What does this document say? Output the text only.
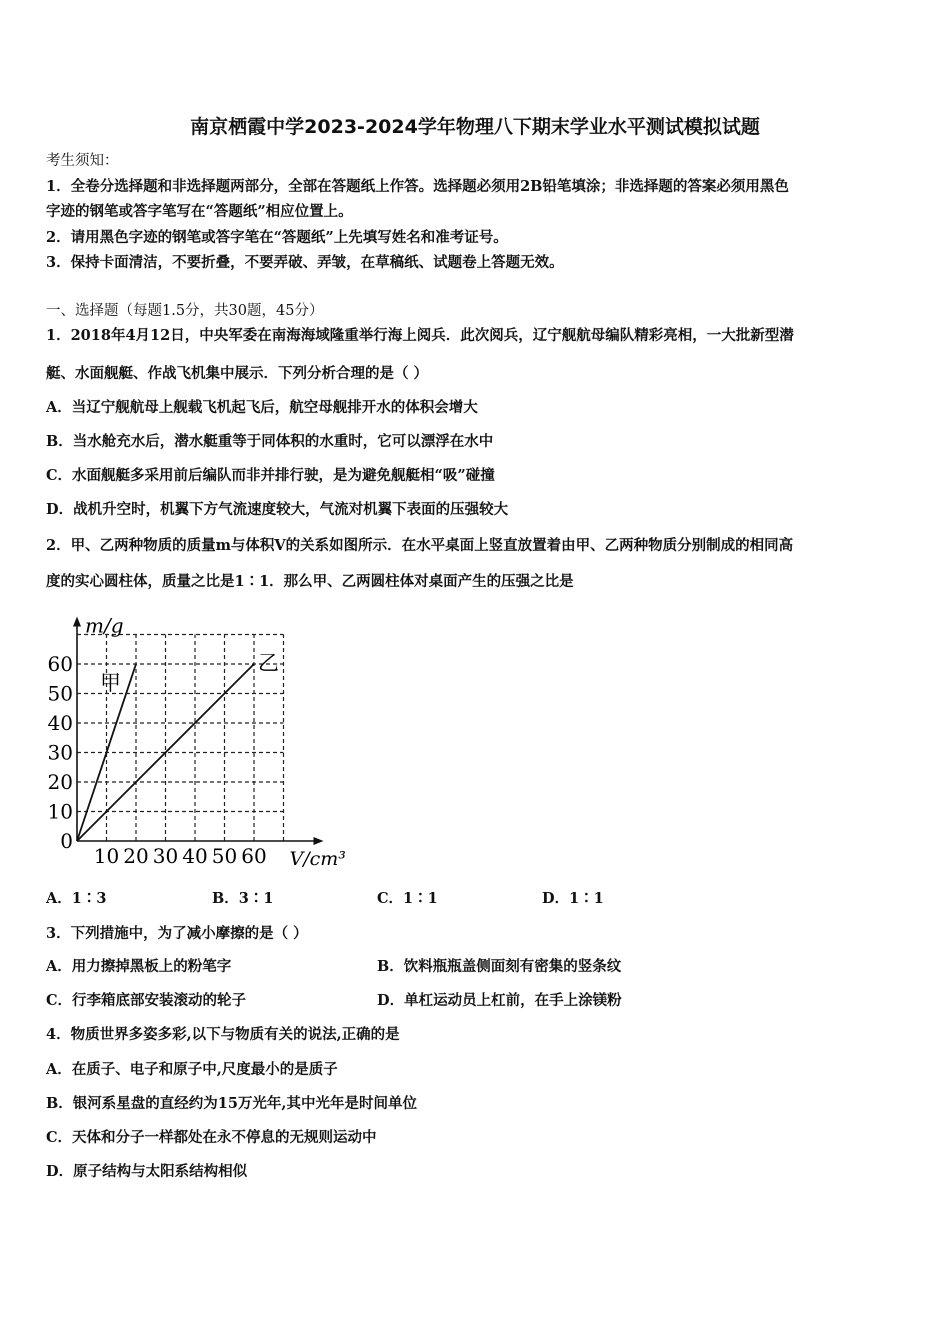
南京栖霞中学2023-2024学年物理八下期末学业水平测试模拟试题
考生须知：
1．全卷分选择题和非选择题两部分，全部在答题纸上作答。选择题必须用2B铅笔填涂；非选择题的答案必须用黑色
字迹的钢笔或答字笔写在“答题纸”相应位置上。
2．请用黑色字迹的钢笔或答字笔在“答题纸”上先填写姓名和准考证号。
3．保持卡面清洁，不要折叠，不要弄破、弄皱，在草稿纸、试题卷上答题无效。
一、选择题（每题1.5分，共30题，45分）
1．2018年4月12日，中央军委在南海海域隆重举行海上阅兵．此次阅兵，辽宁舰航母编队精彩亮相，一大批新型潜
艇、水面舰艇、作战飞机集中展示．下列分析合理的是（ ）
A．当辽宁舰航母上舰载飞机起飞后，航空母舰排开水的体积会增大
B．当水舱充水后，潜水艇重等于同体积的水重时，它可以漂浮在水中
C．水面舰艇多采用前后编队而非并排行驶，是为避免舰艇相“吸”碰撞
D．战机升空时，机翼下方气流速度较大，气流对机翼下表面的压强较大
2．甲、乙两种物质的质量m与体积V的关系如图所示．在水平桌面上竖直放置着由甲、乙两种物质分别制成的相同高
度的实心圆柱体，质量之比是1∶1．那么甲、乙两圆柱体对桌面产生的压强之比是
0
10
20
30
40
50
60
10 20 30 40 50 60
m/g
V/cm³
甲
乙
A．1∶3	B．3∶1	C．1∶1	D．1∶1
3．下列措施中，为了减小摩擦的是（ ）
A．用力擦掉黑板上的粉笔字	B．饮料瓶瓶盖侧面刻有密集的竖条纹
C．行李箱底部安装滚动的轮子	D．单杠运动员上杠前，在手上涂镁粉
4．物质世界多姿多彩,以下与物质有关的说法,正确的是
A．在质子、电子和原子中,尺度最小的是质子
B．银河系星盘的直经约为15万光年,其中光年是时间单位
C．天体和分子一样都处在永不停息的无规则运动中
D．原子结构与太阳系结构相似
